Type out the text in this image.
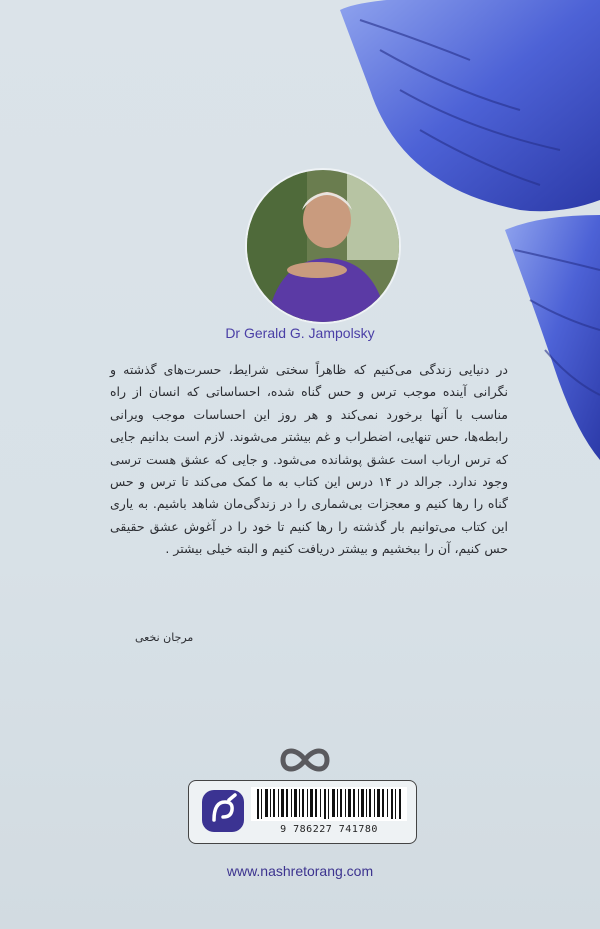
Dr Gerald G. Jampolsky
در دنیایی زندگی می‌کنیم که ظاهراً سختی شرایط، حسرت‌های گذشته و نگرانی آینده موجب ترس و حس گناه شده، احساساتی که انسان از راه مناسب با آنها برخورد نمی‌کند و هر روز این احساسات موجب ویرانی رابطه‌ها، حس تنهایی، اضطراب و غم بیشتر می‌شوند. لازم است بدانیم جایی که ترس ارباب است عشق پوشانده می‌شود. و جایی که عشق هست ترسی وجود ندارد. جرالد در ۱۴ درس این کتاب به ما کمک می‌کند تا ترس و حس گناه را رها کنیم و معجزات بی‌شماری را در زندگی‌مان شاهد باشیم. به یاری این کتاب می‌توانیم بار گذشته را رها کنیم تا خود را در آغوش عشق حقیقی حس کنیم، آن را ببخشیم و بیشتر دریافت کنیم و البته خیلی بیشتر .
مرجان نخعی
9 786227 741780
www.nashretorang.com
